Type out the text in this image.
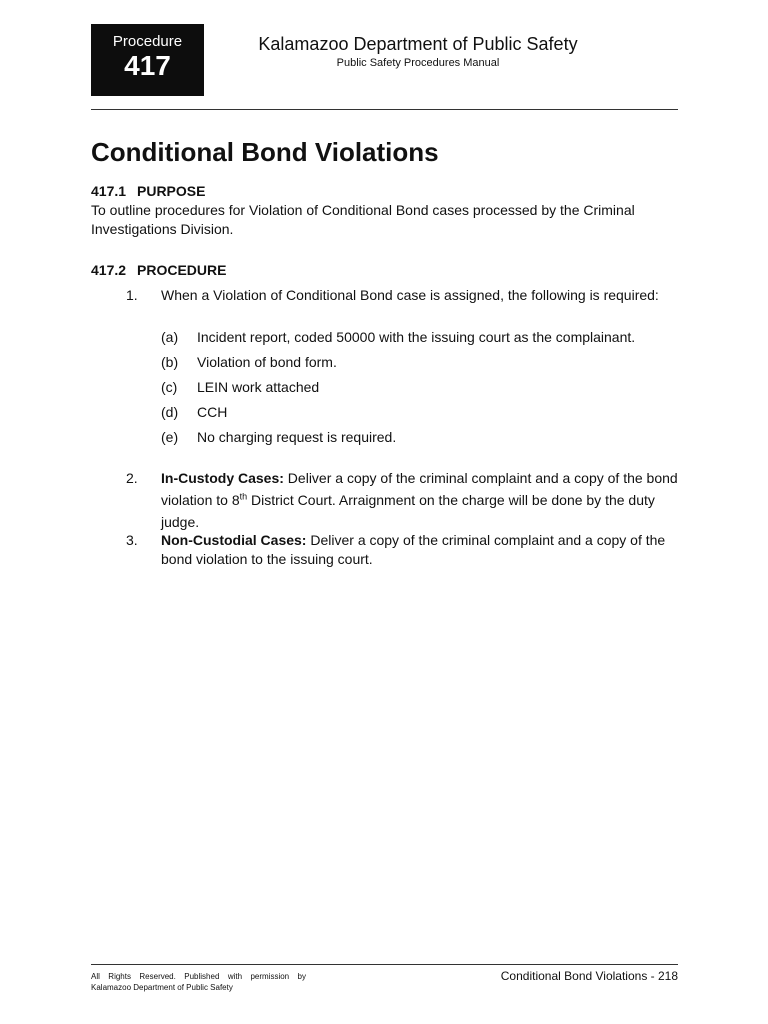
Procedure
417
Kalamazoo Department of Public Safety
Public Safety Procedures Manual
Conditional Bond Violations
417.1 PURPOSE
To outline procedures for Violation of Conditional Bond cases processed by the Criminal Investigations Division.
417.2 PROCEDURE
1. When a Violation of Conditional Bond case is assigned, the following is required:
(a) Incident report, coded 50000 with the issuing court as the complainant.
(b) Violation of bond form.
(c) LEIN work attached
(d) CCH
(e) No charging request is required.
2. In-Custody Cases: Deliver a copy of the criminal complaint and a copy of the bond violation to 8th District Court. Arraignment on the charge will be done by the duty judge.
3. Non-Custodial Cases: Deliver a copy of the criminal complaint and a copy of the bond violation to the issuing court.
All Rights Reserved. Published with permission by
Kalamazoo Department of Public Safety
Conditional Bond Violations - 218
